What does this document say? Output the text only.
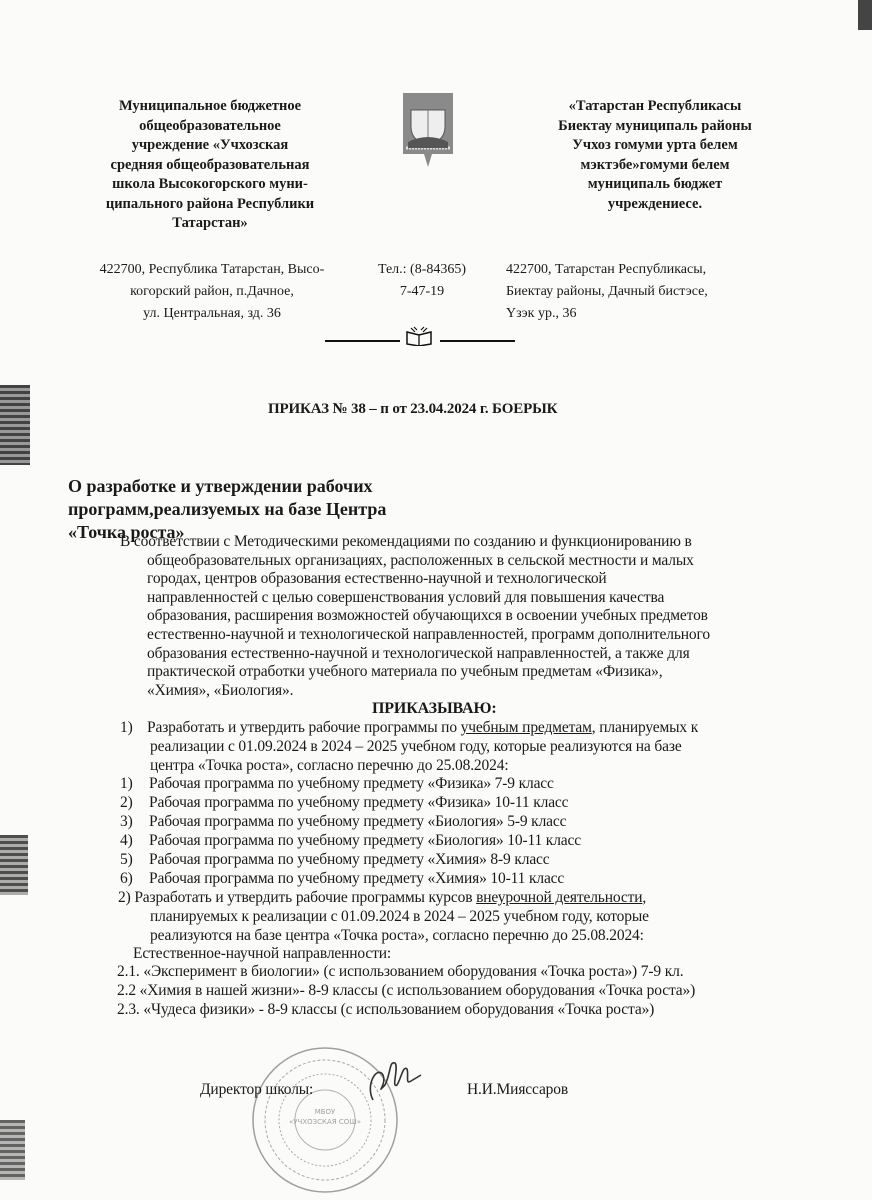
Муниципальное бюджетное
общеобразовательное
учреждение «Учхозская
средняя общеобразовательная
школа Высокогорского муни-
ципального района Республики
Татарстан»
«Татарстан Республикасы
Биектау муниципаль районы
Учхоз гомуми урта белем
мэктэбе»гомуми белем
муниципаль бюджет
учреждениесе.
422700, Республика Татарстан, Высо-
когорский район, п.Дачное,
ул. Центральная, зд. 36
Тел.: (8-84365)
7-47-19
422700, Татарстан Республикасы,
Биектау районы, Дачный бистэсе,
Үзэк ур., 36
ПРИКАЗ № 38 – п от 23.04.2024 г. БОЕРЫК
О разработке и утверждении рабочих
программ,реализуемых на базе Центра
«Точка роста»
В соответствии с Методическими рекомендациями по созданию и функционированию в
общеобразовательных организациях, расположенных в сельской местности и малых
городах, центров образования естественно-научной и технологической
направленностей с целью совершенствования условий для повышения качества
образования, расширения возможностей обучающихся в освоении учебных предметов
естественно-научной и технологической направленностей, программ дополнительного
образования естественно-научной и технологической направленностей, а также для
практической отработки учебного материала по учебным предметам «Физика»,
«Химия», «Биология».
ПРИКАЗЫВАЮ:
1) Разработать и утвердить рабочие программы по учебным предметам, планируемых к
реализации с 01.09.2024 в 2024 – 2025 учебном году, которые реализуются на базе
центра «Точка роста», согласно перечню до 25.08.2024:
1) Рабочая программа по учебному предмету «Физика» 7-9 класс
2) Рабочая программа по учебному предмету «Физика» 10-11 класс
3) Рабочая программа по учебному предмету «Биология» 5-9 класс
4) Рабочая программа по учебному предмету «Биология» 10-11 класс
5) Рабочая программа по учебному предмету «Химия» 8-9 класс
6) Рабочая программа по учебному предмету «Химия» 10-11 класс
2) Разработать и утвердить рабочие программы курсов внеурочной деятельности,
планируемых к реализации с 01.09.2024 в 2024 – 2025 учебном году, которые
реализуются на базе центра «Точка роста», согласно перечню до 25.08.2024:
Естественное-научной направленности:
2.1. «Эксперимент в биологии» (с использованием оборудования «Точка роста») 7-9 кл.
2.2 «Химия в нашей жизни»- 8-9 классы (с использованием оборудования «Точка роста»)
2.3. «Чудеса физики» - 8-9 классы (с использованием оборудования «Точка роста»)
МБОУ
«УЧХОЗСКАЯ СОШ»
Директор школы:	Н.И.Мияссаров
